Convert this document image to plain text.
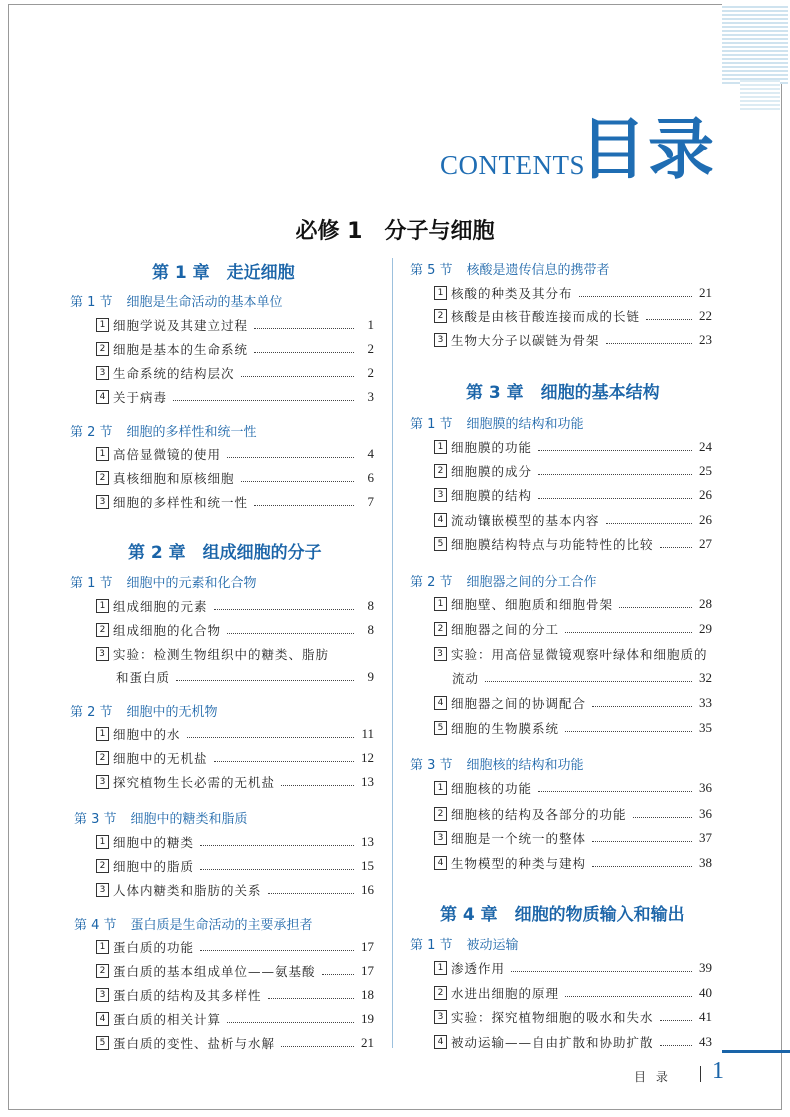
CONTENTS
目录
必修 1　分子与细胞
第 1 章　走近细胞
第 1 节 细胞是生命活动的基本单位
1 细胞学说及其建立过程	1
2 细胞是基本的生命系统	2
3 生命系统的结构层次	2
4 关于病毒	3
第 2 节 细胞的多样性和统一性
1 高倍显微镜的使用	4
2 真核细胞和原核细胞	6
3 细胞的多样性和统一性	7
第 2 章　组成细胞的分子
第 1 节 细胞中的元素和化合物
1 组成细胞的元素	8
2 组成细胞的化合物	8
3 实验：检测生物组织中的糖类、脂肪
和蛋白质	9
第 2 节 细胞中的无机物
1 细胞中的水	11
2 细胞中的无机盐	12
3 探究植物生长必需的无机盐	13
第 3 节 细胞中的糖类和脂质
1 细胞中的糖类	13
2 细胞中的脂质	15
3 人体内糖类和脂肪的关系	16
第 4 节 蛋白质是生命活动的主要承担者
1 蛋白质的功能	17
2 蛋白质的基本组成单位——氨基酸	17
3 蛋白质的结构及其多样性	18
4 蛋白质的相关计算	19
5 蛋白质的变性、盐析与水解	21
第 5 节 核酸是遗传信息的携带者
1 核酸的种类及其分布	21
2 核酸是由核苷酸连接而成的长链	22
3 生物大分子以碳链为骨架	23
第 3 章　细胞的基本结构
第 1 节 细胞膜的结构和功能
1 细胞膜的功能	24
2 细胞膜的成分	25
3 细胞膜的结构	26
4 流动镶嵌模型的基本内容	26
5 细胞膜结构特点与功能特性的比较	27
第 2 节 细胞器之间的分工合作
1 细胞壁、细胞质和细胞骨架	28
2 细胞器之间的分工	29
3 实验：用高倍显微镜观察叶绿体和细胞质的
流动	32
4 细胞器之间的协调配合	33
5 细胞的生物膜系统	35
第 3 节 细胞核的结构和功能
1 细胞核的功能	36
2 细胞核的结构及各部分的功能	36
3 细胞是一个统一的整体	37
4 生物模型的种类与建构	38
第 4 章　细胞的物质输入和输出
第 1 节 被动运输
1 渗透作用	39
2 水进出细胞的原理	40
3 实验：探究植物细胞的吸水和失水	41
4 被动运输——自由扩散和协助扩散	43
目 录 1
